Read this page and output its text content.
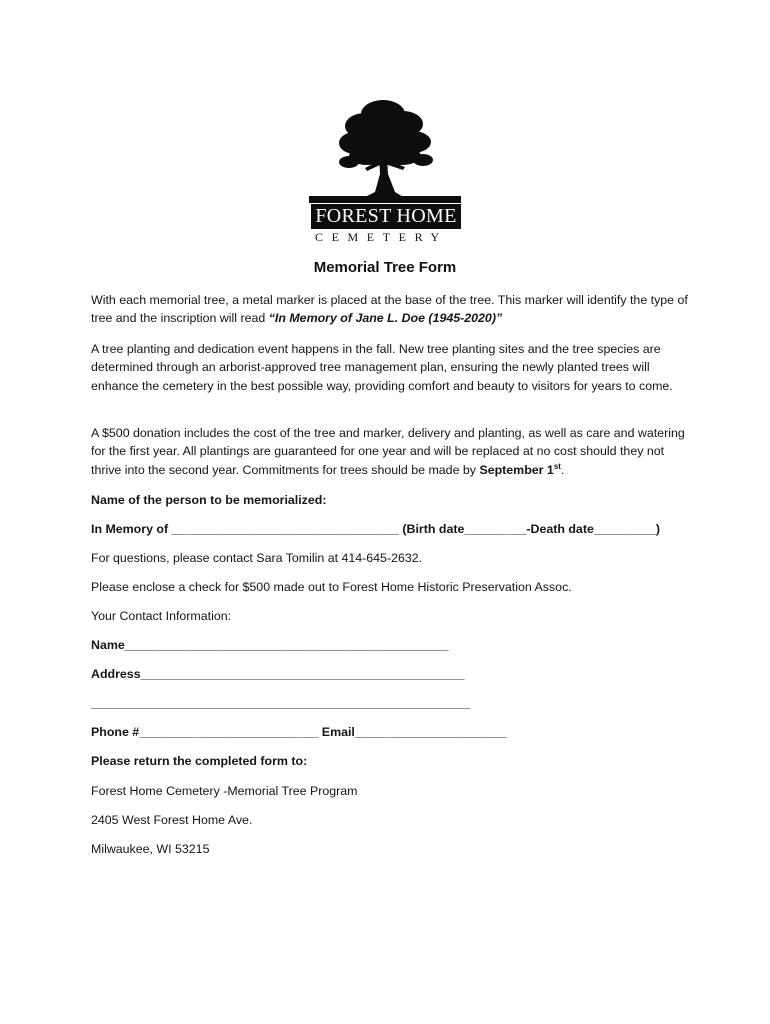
FOREST HOME
CEMETERY
Memorial Tree Form
With each memorial tree, a metal marker is placed at the base of the tree. This marker will identify the type of tree and the inscription will read “In Memory of Jane L. Doe (1945-2020)”
A tree planting and dedication event happens in the fall. New tree planting sites and the tree species are determined through an arborist-approved tree management plan, ensuring the newly planted trees will enhance the cemetery in the best possible way, providing comfort and beauty to visitors for years to come.
A $500 donation includes the cost of the tree and marker, delivery and planting, as well as care and watering for the first year. All plantings are guaranteed for one year and will be replaced at no cost should they not thrive into the second year. Commitments for trees should be made by September 1st.
Name of the person to be memorialized:
In Memory of _________________________________ (Birth date_________-Death date_________)
For questions, please contact Sara Tomilin at 414-645-2632.
Please enclose a check for $500 made out to Forest Home Historic Preservation Assoc.
Your Contact Information:
Name_______________________________________________
Address_______________________________________________
_______________________________________________________
Phone #__________________________ Email______________________
Please return the completed form to:
Forest Home Cemetery -Memorial Tree Program
2405 West Forest Home Ave.
Milwaukee, WI 53215
